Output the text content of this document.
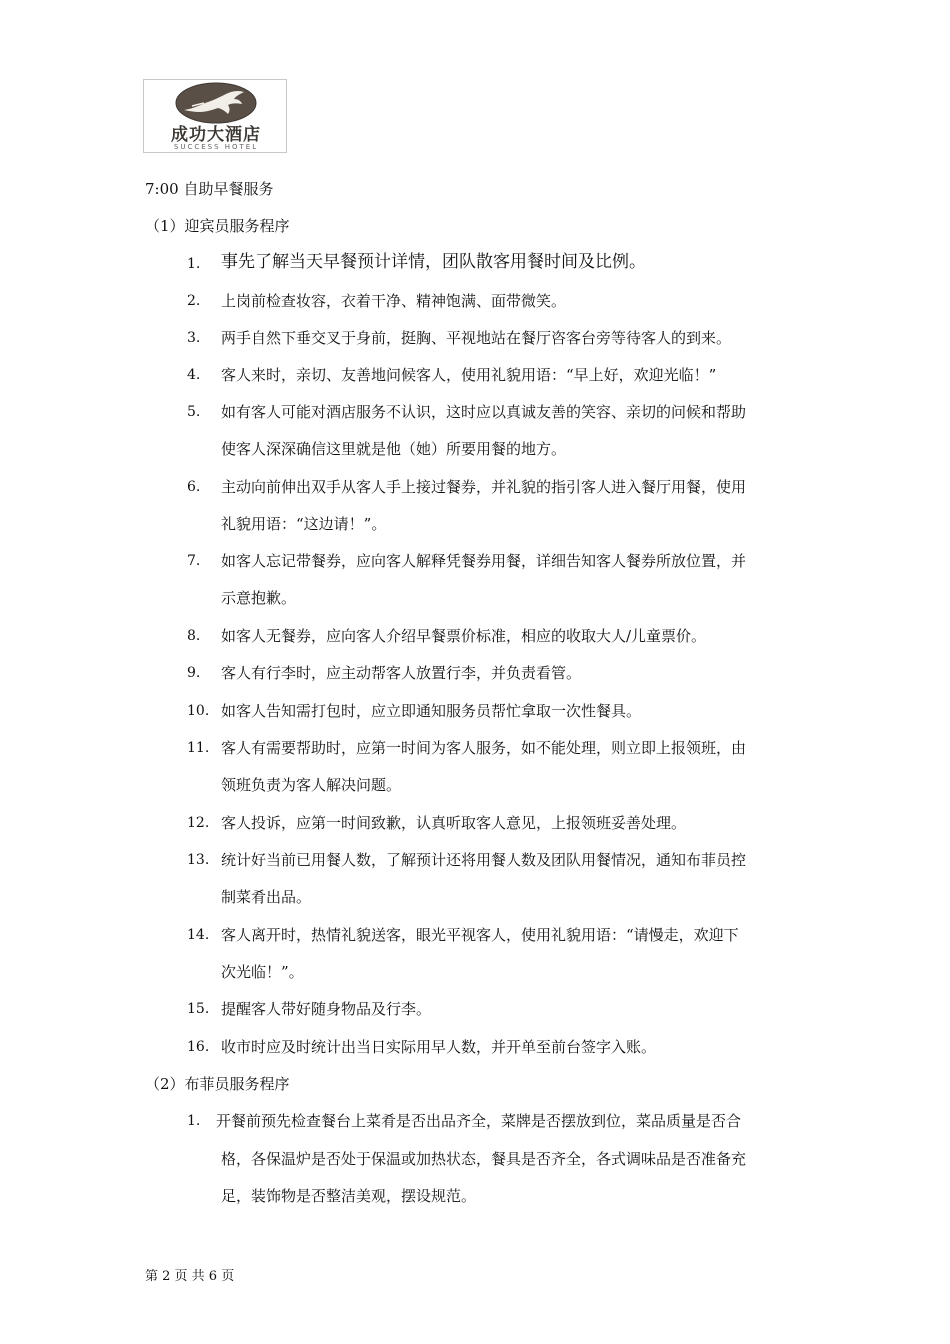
成功大酒店
SUCCESS HOTEL
7:00 自助早餐服务
（1）迎宾员服务程序
1. 事先了解当天早餐预计详情，团队散客用餐时间及比例。
2. 上岗前检查妆容，衣着干净、精神饱满、面带微笑。
3. 两手自然下垂交叉于身前，挺胸、平视地站在餐厅咨客台旁等待客人的到来。
4. 客人来时，亲切、友善地问候客人，使用礼貌用语：“早上好，欢迎光临！”
5. 如有客人可能对酒店服务不认识，这时应以真诚友善的笑容、亲切的问候和帮助
使客人深深确信这里就是他（她）所要用餐的地方。
6. 主动向前伸出双手从客人手上接过餐券，并礼貌的指引客人进入餐厅用餐，使用
礼貌用语：“这边请！”。
7. 如客人忘记带餐券，应向客人解释凭餐券用餐，详细告知客人餐券所放位置，并
示意抱歉。
8. 如客人无餐券，应向客人介绍早餐票价标准，相应的收取大人/儿童票价。
9. 客人有行李时，应主动帮客人放置行李，并负责看管。
10. 如客人告知需打包时，应立即通知服务员帮忙拿取一次性餐具。
11. 客人有需要帮助时，应第一时间为客人服务，如不能处理，则立即上报领班，由
领班负责为客人解决问题。
12. 客人投诉，应第一时间致歉，认真听取客人意见，上报领班妥善处理。
13. 统计好当前已用餐人数，了解预计还将用餐人数及团队用餐情况，通知布菲员控
制菜肴出品。
14. 客人离开时，热情礼貌送客，眼光平视客人，使用礼貌用语：“请慢走，欢迎下
次光临！”。
15. 提醒客人带好随身物品及行李。
16. 收市时应及时统计出当日实际用早人数，并开单至前台签字入账。
（2）布菲员服务程序
1. 开餐前预先检查餐台上菜肴是否出品齐全，菜牌是否摆放到位，菜品质量是否合
格，各保温炉是否处于保温或加热状态，餐具是否齐全，各式调味品是否准备充
足，装饰物是否整洁美观，摆设规范。
第 2 页 共 6 页
